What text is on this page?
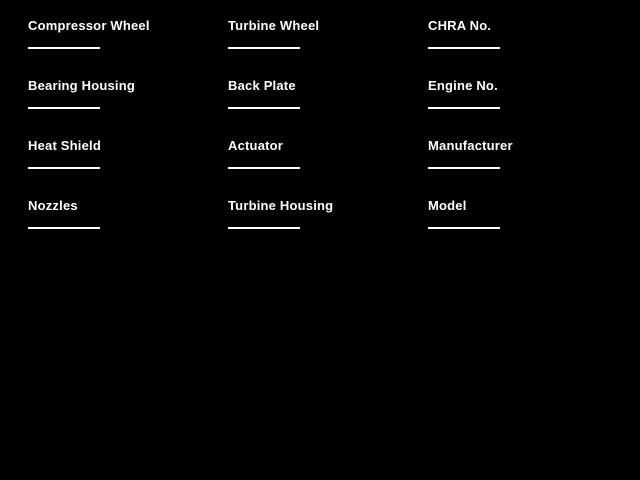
Compressor Wheel
Bearing Housing
Heat Shield
Nozzles
Turbine Wheel
Back Plate
Actuator
Turbine Housing
CHRA No.
Engine No.
Manufacturer
Model
